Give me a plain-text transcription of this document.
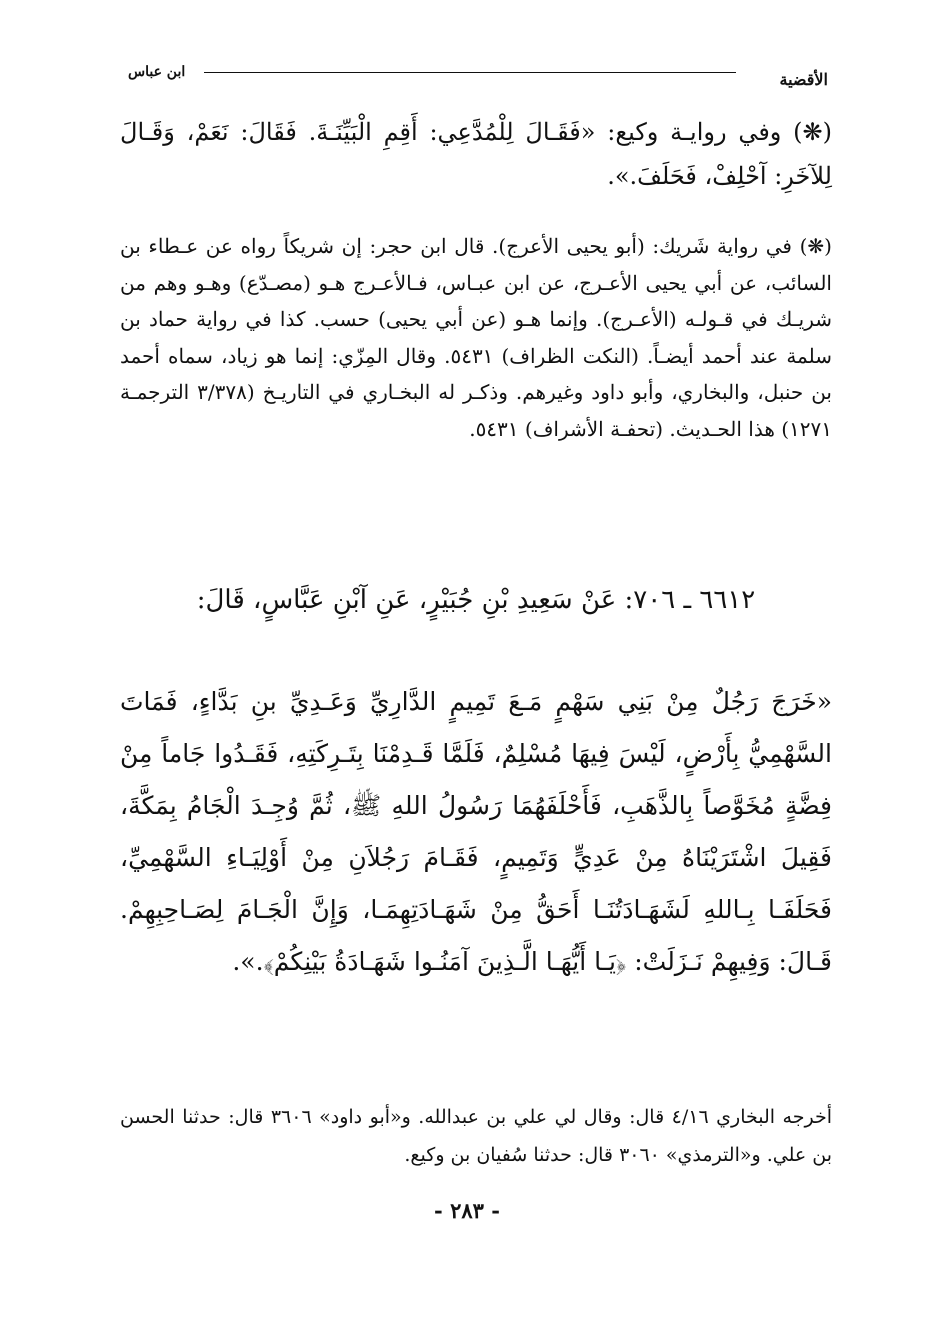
الأقضية
ابن عباس

(❋) وفي روايـة وكيع: «فَقَـالَ لِلْمُدَّعِي: أَقِمِ الْبَيِّنَـةَ. فَقَالَ: نَعَمْ، وَقَـالَ لِلآخَرِ: آحْلِفْ، فَحَلَفَ.».

(❋) في رواية شَريك: (أبو يحيى الأعرج). قال ابن حجر: إن شريكاً رواه عن عـطاء بن السائب، عن أبي يحيى الأعـرج، عن ابن عبـاس، فـالأعـرج هـو (مصـدّع) وهـو وهم من شريـك في قـولـه (الأعـرج). وإنما هـو (عن أبي يحيى) حسب. كذا في رواية حماد بن سلمة عند أحمد أيضـاً. (النكت الظراف) ٥٤٣١. وقال المِزّي: إنما هو زياد، سماه أحمد بن حنبل، والبخاري، وأبو داود وغيرهم. وذكـر له البخـاري في التاريـخ (٣/٣٧٨ الترجمـة ١٢٧١) هذا الحـديث. (تحفـة الأشراف) ٥٤٣١.

٦٦١٢ ـ ٧٠٦: عَنْ سَعِيدِ بْنِ جُبَيْرٍ، عَنِ آبْنِ عَبَّاسٍ، قَالَ:

«خَرَجَ رَجُلٌ مِنْ بَنِي سَهْمٍ مَـعَ تَمِيمٍ الدَّارِيِّ وَعَـدِيِّ بنِ بَدَّاءٍ، فَمَاتَ السَّهْمِيُّ بِأَرْضٍ، لَيْسَ فِيهَا مُسْلِمٌ، فَلَمَّا قَـدِمْنَا بِتَـرِكَتِهِ، فَقَـدُوا جَاماً مِنْ فِضَّةٍ مُخَوَّصاً بِالذَّهَبِ، فَأَحْلَفَهُمَا رَسُولُ اللهِ ﷺ، ثُمَّ وُجِـدَ الْجَامُ بِمَكَّةَ، فَقِيلَ اشْتَرَيْنَاهُ مِنْ عَدِيٍّ وَتَمِيمٍ، فَقَـامَ رَجُلاَنِ مِنْ أَوْلِيَـاءِ السَّهْمِيِّ، فَحَلَفَـا بِـاللهِ لَشَهَـادَتُنَـا أَحَقُّ مِنْ شَهَـادَتِهِمَـا، وَإِنَّ الْجَـامَ لِصَـاحِبِهِمْ. قَـالَ: وَفِيهِمْ نَـزَلَتْ: ﴿يَـا أَيُّهَـا الَّـذِينَ آمَنُـوا شَهَـادَةُ بَيْنِكُمْ﴾.».

أخرجه البخاري ٤/١٦ قال: وقال لي علي بن عبدالله. و«أبو داود» ٣٦٠٦ قال: حدثنا الحسن بن علي. و«الترمذي» ٣٠٦٠ قال: حدثنا سُفيان بن وكيع.

- ٢٨٣ -
